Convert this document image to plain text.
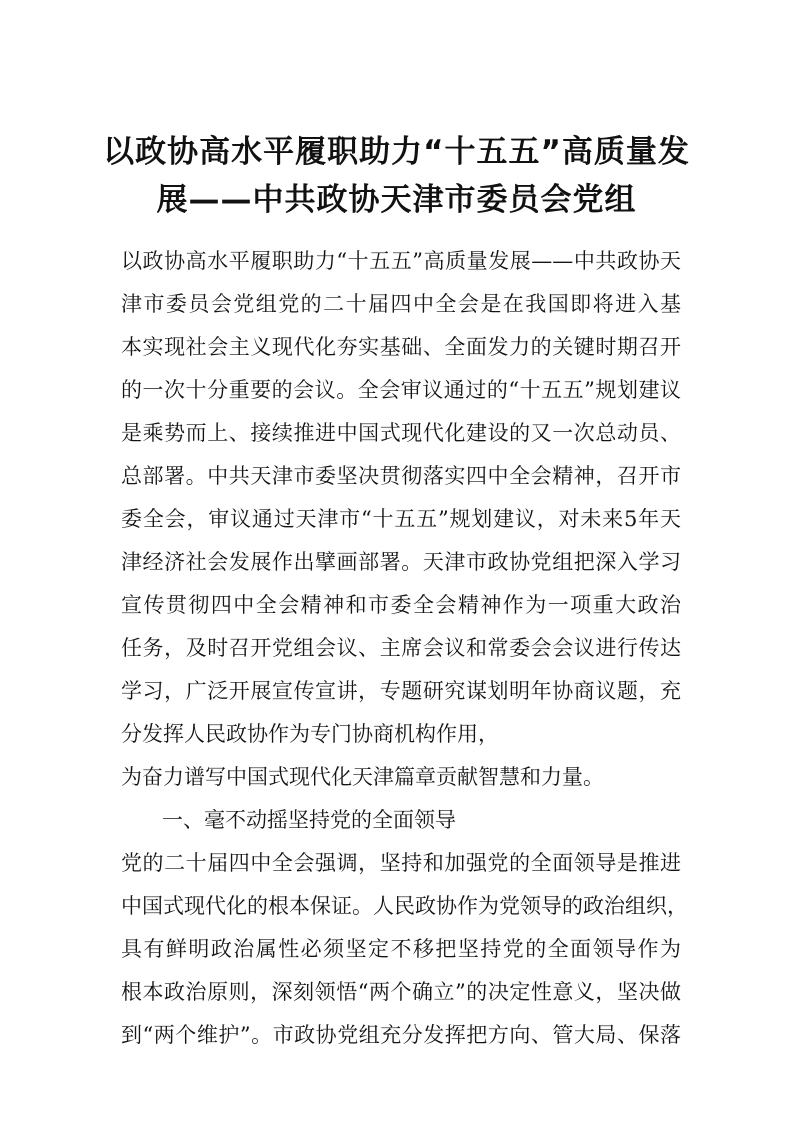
以政协高水平履职助力“十五五”高质量发
展——中共政协天津市委员会党组
以政协高水平履职助力“十五五”高质量发展——中共政协天
津市委员会党组党的二十届四中全会是在我国即将进入基
本实现社会主义现代化夯实基础、全面发力的关键时期召开
的一次十分重要的会议。全会审议通过的“十五五”规划建议
是乘势而上、接续推进中国式现代化建设的又一次总动员、
总部署。中共天津市委坚决贯彻落实四中全会精神，召开市
委全会，审议通过天津市“十五五”规划建议，对未来5年天
津经济社会发展作出擘画部署。天津市政协党组把深入学习
宣传贯彻四中全会精神和市委全会精神作为一项重大政治
任务，及时召开党组会议、主席会议和常委会会议进行传达
学习，广泛开展宣传宣讲，专题研究谋划明年协商议题，充
分发挥人民政协作为专门协商机构作用，
为奋力谱写中国式现代化天津篇章贡献智慧和力量。
一、毫不动摇坚持党的全面领导
党的二十届四中全会强调，坚持和加强党的全面领导是推进
中国式现代化的根本保证。人民政协作为党领导的政治组织，
具有鲜明政治属性必须坚定不移把坚持党的全面领导作为
根本政治原则，深刻领悟“两个确立”的决定性意义，坚决做
到“两个维护”。市政协党组充分发挥把方向、管大局、保落
